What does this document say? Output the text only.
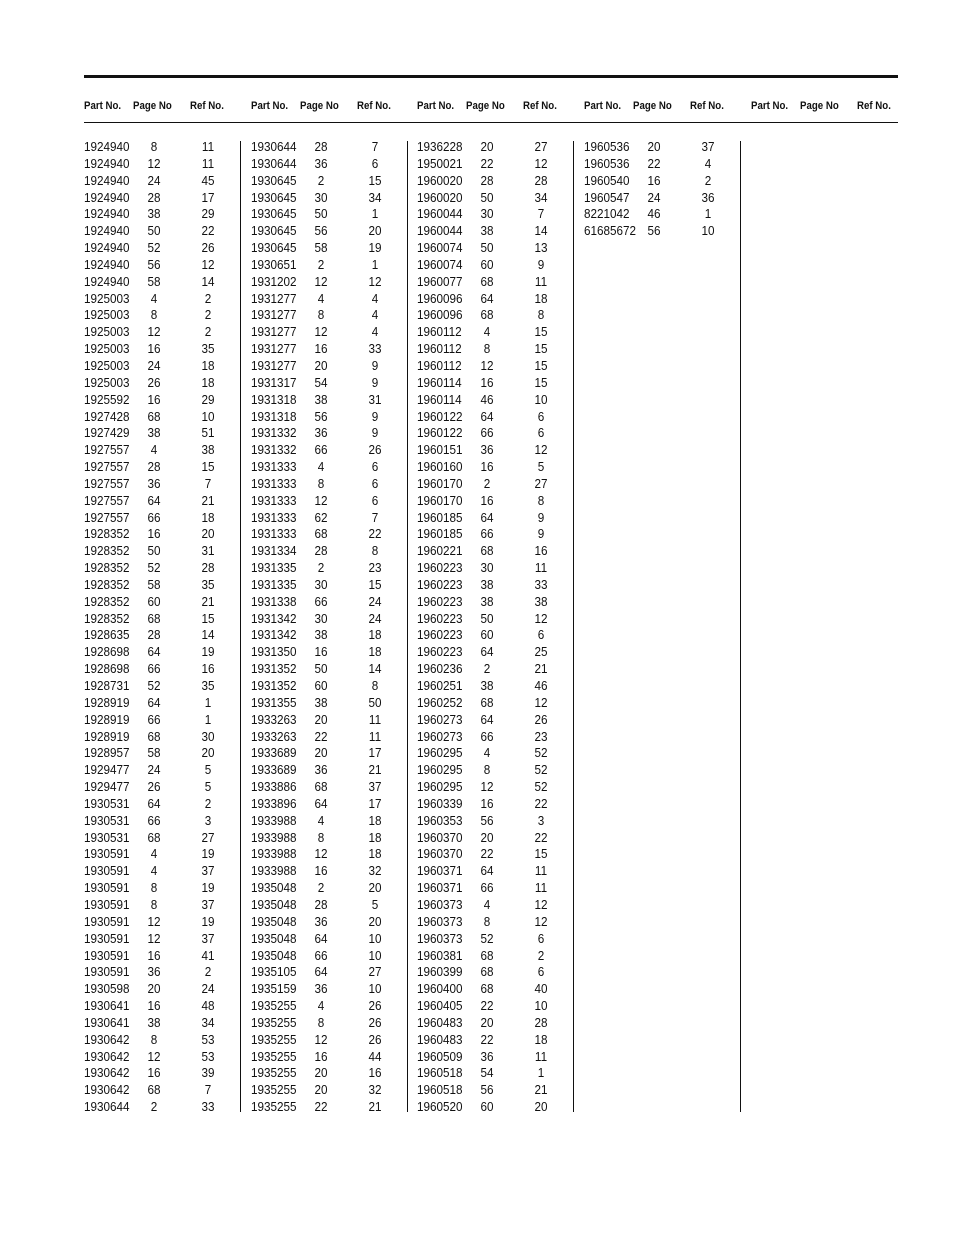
Part No. Page No Ref No. Part No. Page No Ref No. Part No. Page No Ref No. Part No. Page No Ref No. Part No. Page No Ref No.
1924940	8	11
1924940	12	11
1924940	24	45
1924940	28	17
1924940	38	29
1924940	50	22
1924940	52	26
1924940	56	12
1924940	58	14
1925003	4	2
1925003	8	2
1925003	12	2
1925003	16	35
1925003	24	18
1925003	26	18
1925592	16	29
1927428	68	10
1927429	38	51
1927557	4	38
1927557	28	15
1927557	36	7
1927557	64	21
1927557	66	18
1928352	16	20
1928352	50	31
1928352	52	28
1928352	58	35
1928352	60	21
1928352	68	15
1928635	28	14
1928698	64	19
1928698	66	16
1928731	52	35
1928919	64	1
1928919	66	1
1928919	68	30
1928957	58	20
1929477	24	5
1929477	26	5
1930531	64	2
1930531	66	3
1930531	68	27
1930591	4	19
1930591	4	37
1930591	8	19
1930591	8	37
1930591	12	19
1930591	12	37
1930591	16	41
1930591	36	2
1930598	20	24
1930641	16	48
1930641	38	34
1930642	8	53
1930642	12	53
1930642	16	39
1930642	68	7
1930644	2	33
1930644	28	7
1930644	36	6
1930645	2	15
1930645	30	34
1930645	50	1
1930645	56	20
1930645	58	19
1930651	2	1
1931202	12	12
1931277	4	4
1931277	8	4
1931277	12	4
1931277	16	33
1931277	20	9
1931317	54	9
1931318	38	31
1931318	56	9
1931332	36	9
1931332	66	26
1931333	4	6
1931333	8	6
1931333	12	6
1931333	62	7
1931333	68	22
1931334	28	8
1931335	2	23
1931335	30	15
1931338	66	24
1931342	30	24
1931342	38	18
1931350	16	18
1931352	50	14
1931352	60	8
1931355	38	50
1933263	20	11
1933263	22	11
1933689	20	17
1933689	36	21
1933886	68	37
1933896	64	17
1933988	4	18
1933988	8	18
1933988	12	18
1933988	16	32
1935048	2	20
1935048	28	5
1935048	36	20
1935048	64	10
1935048	66	10
1935105	64	27
1935159	36	10
1935255	4	26
1935255	8	26
1935255	12	26
1935255	16	44
1935255	20	16
1935255	20	32
1935255	22	21
1936228	20	27
1950021	22	12
1960020	28	28
1960020	50	34
1960044	30	7
1960044	38	14
1960074	50	13
1960074	60	9
1960077	68	11
1960096	64	18
1960096	68	8
1960112	4	15
1960112	8	15
1960112	12	15
1960114	16	15
1960114	46	10
1960122	64	6
1960122	66	6
1960151	36	12
1960160	16	5
1960170	2	27
1960170	16	8
1960185	64	9
1960185	66	9
1960221	68	16
1960223	30	11
1960223	38	33
1960223	38	38
1960223	50	12
1960223	60	6
1960223	64	25
1960236	2	21
1960251	38	46
1960252	68	12
1960273	64	26
1960273	66	23
1960295	4	52
1960295	8	52
1960295	12	52
1960339	16	22
1960353	56	3
1960370	20	22
1960370	22	15
1960371	64	11
1960371	66	11
1960373	4	12
1960373	8	12
1960373	52	6
1960381	68	2
1960399	68	6
1960400	68	40
1960405	22	10
1960483	20	28
1960483	22	18
1960509	36	11
1960518	54	1
1960518	56	21
1960520	60	20
1960536	20	37
1960536	22	4
1960540	16	2
1960547	24	36
8221042	46	1
61685672 56	10
